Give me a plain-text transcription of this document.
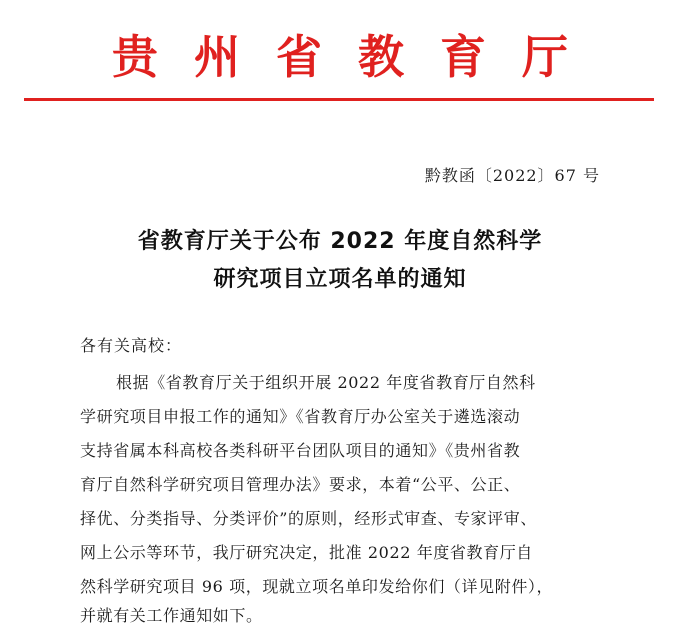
贵州省教育厅
黔教函〔2022〕67 号
省教育厅关于公布 2022 年度自然科学
研究项目立项名单的通知
各有关高校：
根据《省教育厅关于组织开展 2022 年度省教育厅自然科
学研究项目申报工作的通知》《省教育厅办公室关于遴选滚动
支持省属本科高校各类科研平台团队项目的通知》《贵州省教
育厅自然科学研究项目管理办法》要求，本着“公平、公正、
择优、分类指导、分类评价”的原则，经形式审查、专家评审、
网上公示等环节，我厅研究决定，批准 2022 年度省教育厅自
然科学研究项目 96 项，现就立项名单印发给你们（详见附件），
并就有关工作通知如下。
